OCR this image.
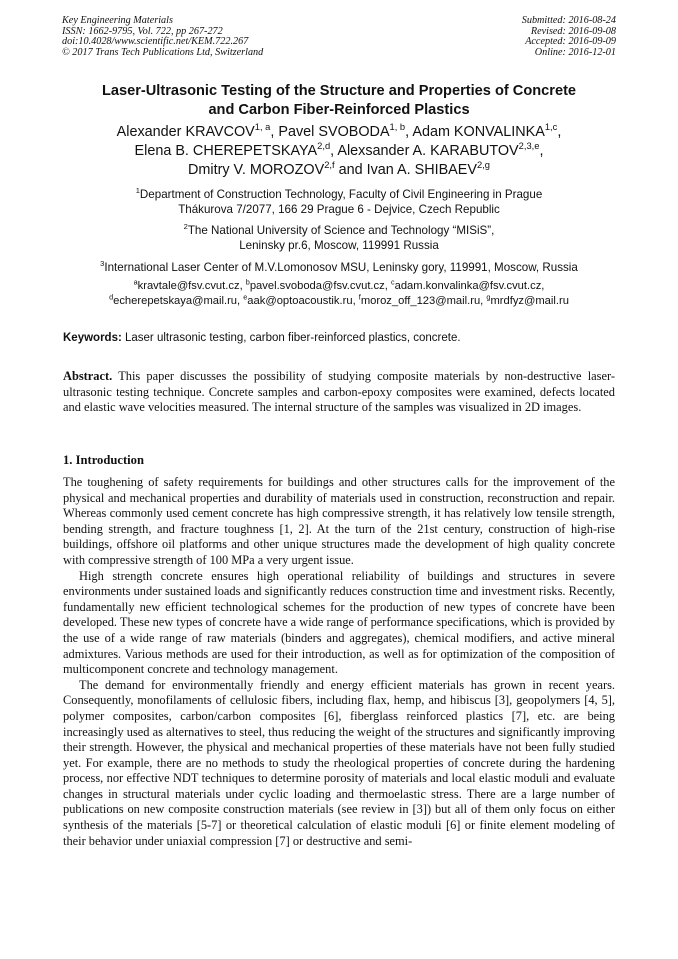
Key Engineering Materials
ISSN: 1662-9795, Vol. 722, pp 267-272
doi:10.4028/www.scientific.net/KEM.722.267
© 2017 Trans Tech Publications Ltd, Switzerland
Submitted: 2016-08-24
Revised: 2016-09-08
Accepted: 2016-09-09
Online: 2016-12-01
Laser-Ultrasonic Testing of the Structure and Properties of Concrete
and Carbon Fiber-Reinforced Plastics
Alexander KRAVCOV$^{1, a}$, Pavel SVOBODA$^{1, b}$, Adam KONVALINKA$^{1,c}$,
Elena B. CHEREPETSKAYA$^{2,d}$, Alexsander A. KARABUTOV$^{2,3,e}$,
Dmitry V. MOROZOV$^{2,f}$ and Ivan A. SHIBAEV$^{2,g}$
$^1$Department of Construction Technology, Faculty of Civil Engineering in Prague
Thákurova 7/2077, 166 29 Prague 6 - Dejvice, Czech Republic
$^2$The National University of Science and Technology “MISiS”,
Leninsky pr.6, Moscow, 119991 Russia
$^3$International Laser Center of M.V.Lomonosov MSU, Leninsky gory, 119991, Moscow, Russia
$^a$kravtale@fsv.cvut.cz, $^b$pavel.svoboda@fsv.cvut.cz, $^c$adam.konvalinka@fsv.cvut.cz,
$^d$echerepetskaya@mail.ru, $^e$aak@optoacoustik.ru, $^f$moroz_off_123@mail.ru, $^g$mrdfyz@mail.ru
Keywords: Laser ultrasonic testing, carbon fiber-reinforced plastics, concrete.
Abstract. This paper discusses the possibility of studying composite materials by non-destructive laser-ultrasonic testing technique. Concrete samples and carbon-epoxy composites were examined, defects located and elastic wave velocities measured. The internal structure of the samples was visualized in 2D images.
1. Introduction

The toughening of safety requirements for buildings and other structures calls for the improvement of the physical and mechanical properties and durability of materials used in construction, reconstruction and repair. Whereas commonly used cement concrete has high compressive strength, it has relatively low tensile strength, bending strength, and fracture toughness [1, 2]. At the turn of the 21st century, construction of high-rise buildings, offshore oil platforms and other unique structures made the development of high quality concrete with compressive strength of 100 MPa a very urgent issue.

High strength concrete ensures high operational reliability of buildings and structures in severe environments under sustained loads and significantly reduces construction time and investment risks. Recently, fundamentally new efficient technological schemes for the production of new types of concrete have been developed. These new types of concrete have a wide range of performance specifications, which is provided by the use of a wide range of raw materials (binders and aggregates), chemical modifiers, and active mineral admixtures. Various methods are used for their introduction, as well as for optimization of the composition of multicomponent concrete and technology management.

The demand for environmentally friendly and energy efficient materials has grown in recent years. Consequently, monofilaments of cellulosic fibers, including flax, hemp, and hibiscus [3], geopolymers [4, 5], polymer composites, carbon/carbon composites [6], fiberglass reinforced plastics [7], etc. are being increasingly used as alternatives to steel, thus reducing the weight of the structures and significantly improving their strength. However, the physical and mechanical properties of these materials have not been fully studied yet. For example, there are no methods to study the rheological properties of concrete during the hardening process, nor effective NDT techniques to determine porosity of materials and local elastic moduli and evaluate changes in structural materials under cyclic loading and thermoelastic stress. There are a large number of publications on new composite construction materials (see review in [3]) but all of them only focus on either synthesis of the materials [5-7] or theoretical calculation of elastic moduli [6] or finite element modeling of their behavior under uniaxial compression [7] or destructive and semi-
